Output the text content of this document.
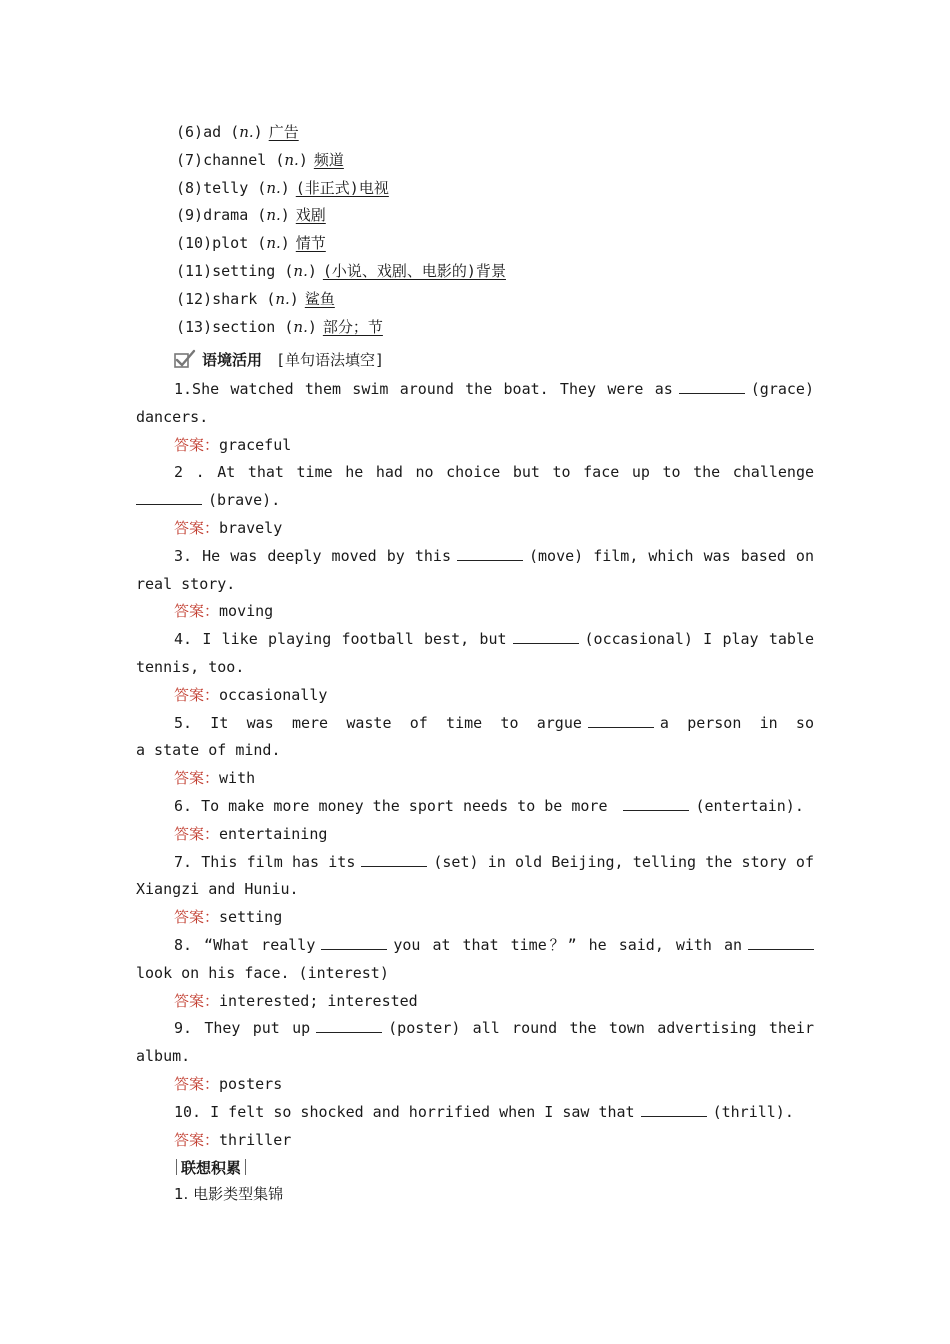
(6)ad (n.) 广告
(7)channel (n.) 频道
(8)telly (n.) (非正式)电视
(9)drama (n.) 戏剧
(10)plot (n.) 情节
(11)setting (n.) (小说、戏剧、电影的)背景
(12)shark (n.) 鲨鱼
(13)section (n.) 部分；节
语境活用 [单句语法填空]
1.She watched them swim around the boat. They were as	(grace)
dancers.
答案：graceful
2 . At that time he had no choice but to face up to the challenge
(brave).
答案：bravely
3. He was deeply moved by this	(move) film, which was based on
real story.
答案：moving
4. I like playing football best, but	(occasional) I play table
tennis, too.
答案：occasionally
5. It was mere waste of time to argue	a person in so
a state of mind.
答案：with
6. To make more money the sport needs to be more	(entertain).
答案：entertaining
7. This film has its	(set) in old Beijing, telling the story of
Xiangzi and Huniu.
答案：setting
8. “What really	you at that time？” he said, with an
look on his face. (interest)
答案：interested; interested
9. They put up	(poster) all round the town advertising their
album.
答案：posters
10. I felt so shocked and horrified when I saw that	(thrill).
答案：thriller
联想积累
1. 电影类型集锦
